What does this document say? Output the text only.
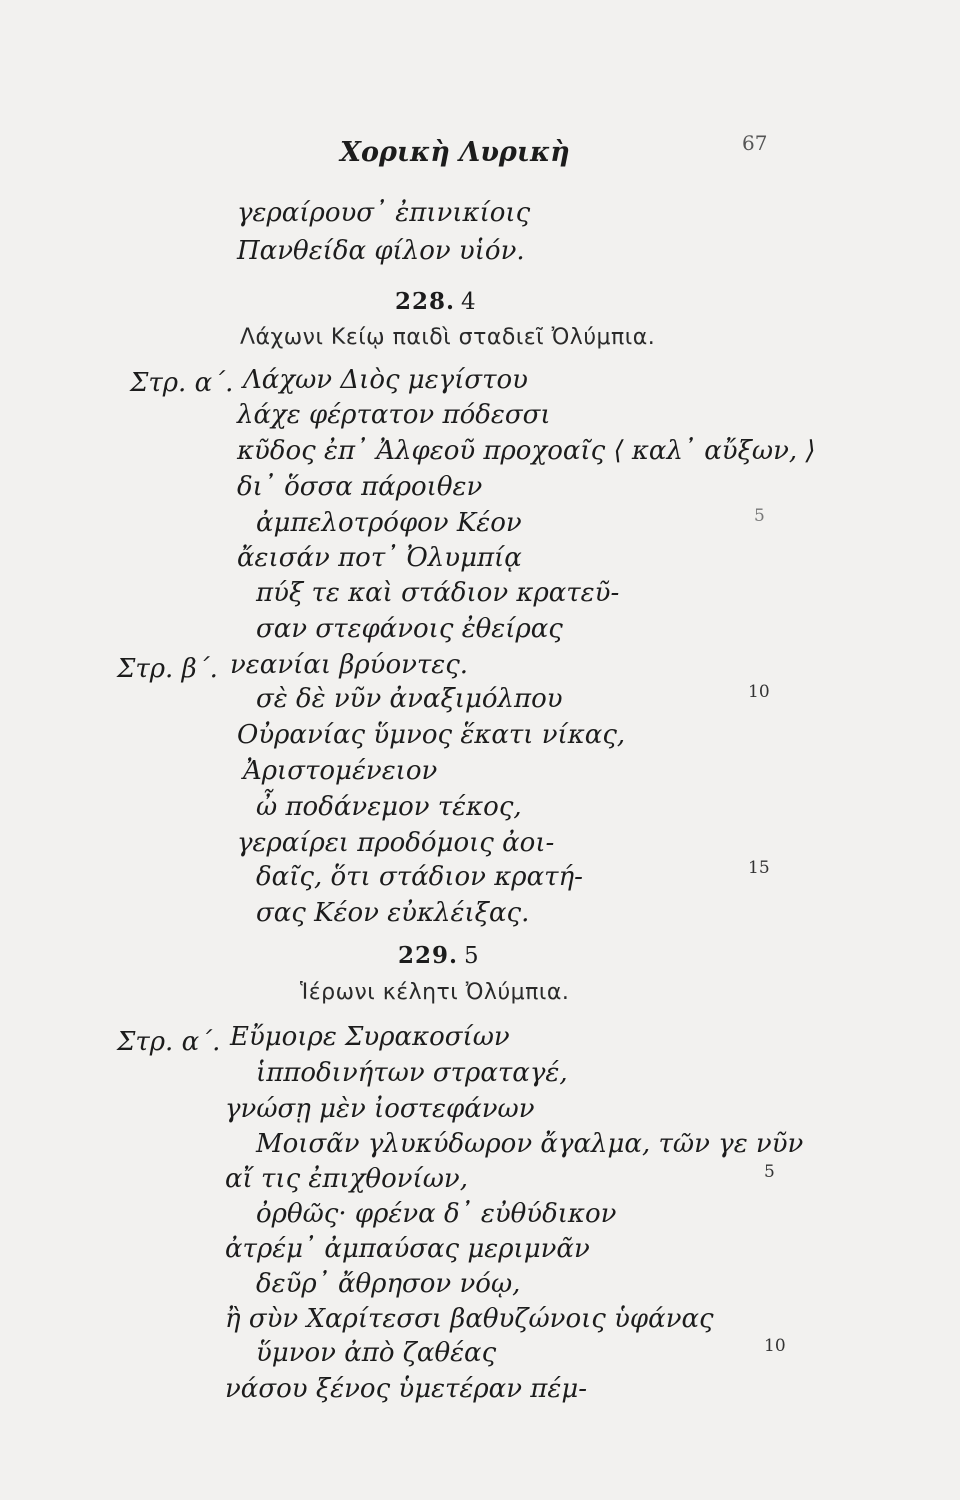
Χορικὴ Λυρικὴ	67
γεραίρουσ᾽ ἐπινικίοις
Πανθείδα φίλον υἱόν.
228. 4
Λάχωνι Κείῳ παιδὶ σταδιεῖ Ὀλύμπια.
Στρ. α΄. Λάχων Διὸς μεγίστου
λάχε φέρτατον πόδεσσι
κῦδος ἐπ᾽ Ἀλφεοῦ προχοαῖς ⟨ καλ᾽ αὔξων, ⟩
δι᾽ ὅσσα πάροιθεν
ἀμπελοτρόφον Κέον
ἄεισάν ποτ᾽ Ὀλυμπίᾳ
πύξ τε καὶ στάδιον κρατεῦ-
σαν στεφάνοις ἐθείρας
5
Στρ. β΄. νεανίαι βρύοντες.
σὲ δὲ νῦν ἀναξιμόλπου
Οὐρανίας ὕμνος ἕκατι νίκας,
Ἀριστομένειον
ὦ ποδάνεμον τέκος,
γεραίρει προδόμοις ἀοι-
δαῖς, ὅτι στάδιον κρατή-
σας Κέον εὐκλέιξας.
10
15
229. 5
Ἱέρωνι κέλητι Ὀλύμπια.
Στρ. α΄. Εὔμοιρε Συρακοσίων
ἱπποδινήτων στραταγέ,
γνώσῃ μὲν ἰοστεφάνων
Μοισᾶν γλυκύδωρον ἄγαλμα, τῶν γε νῦν
αἴ τις ἐπιχθονίων,
ὀρθῶς· φρένα δ᾽ εὐθύδικον
ἀτρέμ᾽ ἀμπαύσας μεριμνᾶν
δεῦρ᾽ ἄθρησον νόῳ,
ἢ σὺν Χαρίτεσσι βαθυζώνοις ὑφάνας
ὕμνον ἀπὸ ζαθέας
νάσου ξένος ὑμετέραν πέμ-
5
10
